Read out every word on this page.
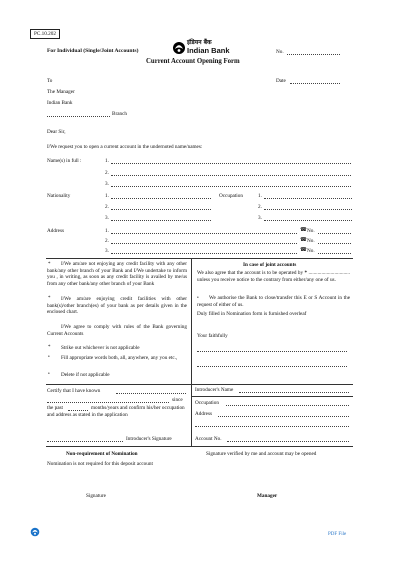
PC.10.202
For Individual (Single/Joint Accounts)
इंडियन बैंक
Indian Bank	No.
Current Account Opening Form
To	Date
The Manager
Indian Bank
Branch
Dear Sir,
I/We request you to open a current account in the undernoted name/names:
Name(s) in full :	1.
2.
3.
Nationality	1.	Occupation	1.
2.	2.
3.	3.
Address	1.	☎ No.
2.	☎ No.
3.	☎ No.
*	I/We am/are not enjoying any credit facility with any other bank/any other branch of your Bank and I/We undertake to inform you , in writing, as soon as any credit facility is availed by me/us from any other bank/any other branch of your Bank
*	I/We am/are enjoying credit facilities with other bank(s)/other branch(es) of your bank as per details given in the enclosed chart.
I/We agree to comply with rules of the Bank governing Current Accounts
* Strike out whichever is not applicable
• Fill appropriate words both, all, anywhere, any you etc.,
• Delete if not applicable
In case of joint accounts
We also agree that the account is to be operated by * ................................ unless you receive notice to the contrary from either/any one of us.
•	We authorise the Bank to close/transfer this E or S Account in the request of either of us.
Duly filled in Nomination form is furnished overleaf
Your faithfully
Certify that I have known
since
the past	months/years and confirm his/her occupation and address as stated in the application
Introducer's Signature
Introducer's Name
Occupation
Address
Account No.
Non-requirement of Nomination
Nomination is not required for this deposit account
Signature verified by me and account may be opened
Signature	Manager
PDF File
